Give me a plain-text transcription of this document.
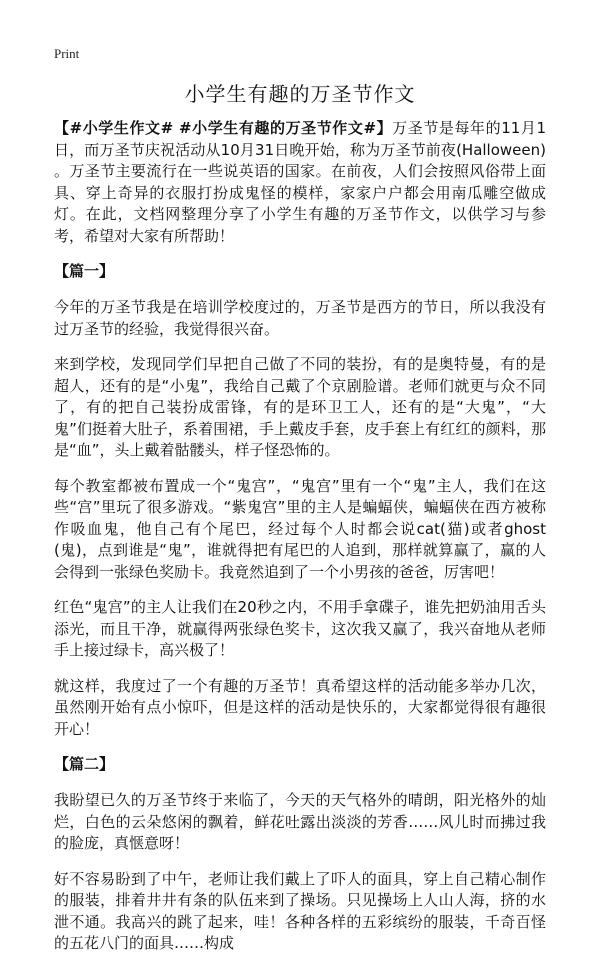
Print
小学生有趣的万圣节作文

【#小学生作文# #小学生有趣的万圣节作文#】万圣节是每年的11月1日，而万圣节庆祝活动从10月31日晚开始，称为万圣节前夜(Halloween) 。万圣节主要流行在一些说英语的国家。在前夜，人们会按照风俗带上面具、穿上奇异的衣服打扮成鬼怪的模样，家家户户都会用南瓜雕空做成灯。在此，文档网整理分享了小学生有趣的万圣节作文，以供学习与参考，希望对大家有所帮助！

【篇一】

今年的万圣节我是在培训学校度过的，万圣节是西方的节日，所以我没有过万圣节的经验，我觉得很兴奋。

来到学校，发现同学们早把自己做了不同的装扮，有的是奥特曼，有的是超人，还有的是“小鬼”，我给自己戴了个京剧脸谱。老师们就更与众不同了，有的把自己装扮成雷锋，有的是环卫工人，还有的是“大鬼”，“大鬼”们挺着大肚子，系着围裙，手上戴皮手套，皮手套上有红红的颜料，那是“血”，头上戴着骷髅头，样子怪恐怖的。

每个教室都被布置成一个“鬼宫”，“鬼宫”里有一个“鬼”主人，我们在这些“宫”里玩了很多游戏。“紫鬼宫”里的主人是蝙蝠侠，蝙蝠侠在西方被称作吸血鬼，他自己有个尾巴，经过每个人时都会说cat(猫)或者ghost(鬼)，点到谁是“鬼”，谁就得把有尾巴的人追到，那样就算赢了，赢的人会得到一张绿色奖励卡。我竟然追到了一个小男孩的爸爸，厉害吧！

红色“鬼宫”的主人让我们在20秒之内，不用手拿碟子，谁先把奶油用舌头添光，而且干净，就赢得两张绿色奖卡，这次我又赢了，我兴奋地从老师手上接过绿卡，高兴极了！

就这样，我度过了一个有趣的万圣节！真希望这样的活动能多举办几次，虽然刚开始有点小惊吓，但是这样的活动是快乐的，大家都觉得很有趣很开心！

【篇二】

我盼望已久的万圣节终于来临了，今天的天气格外的晴朗，阳光格外的灿烂，白色的云朵悠闲的飘着，鲜花吐露出淡淡的芳香……风儿时而拂过我的脸庞，真惬意呀！

好不容易盼到了中午，老师让我们戴上了吓人的面具，穿上自己精心制作的服装，排着井井有条的队伍来到了操场。只见操场上人山人海，挤的水泄不通。我高兴的跳了起来，哇！各种各样的五彩缤纷的服装，千奇百怪的五花八门的面具……构成
